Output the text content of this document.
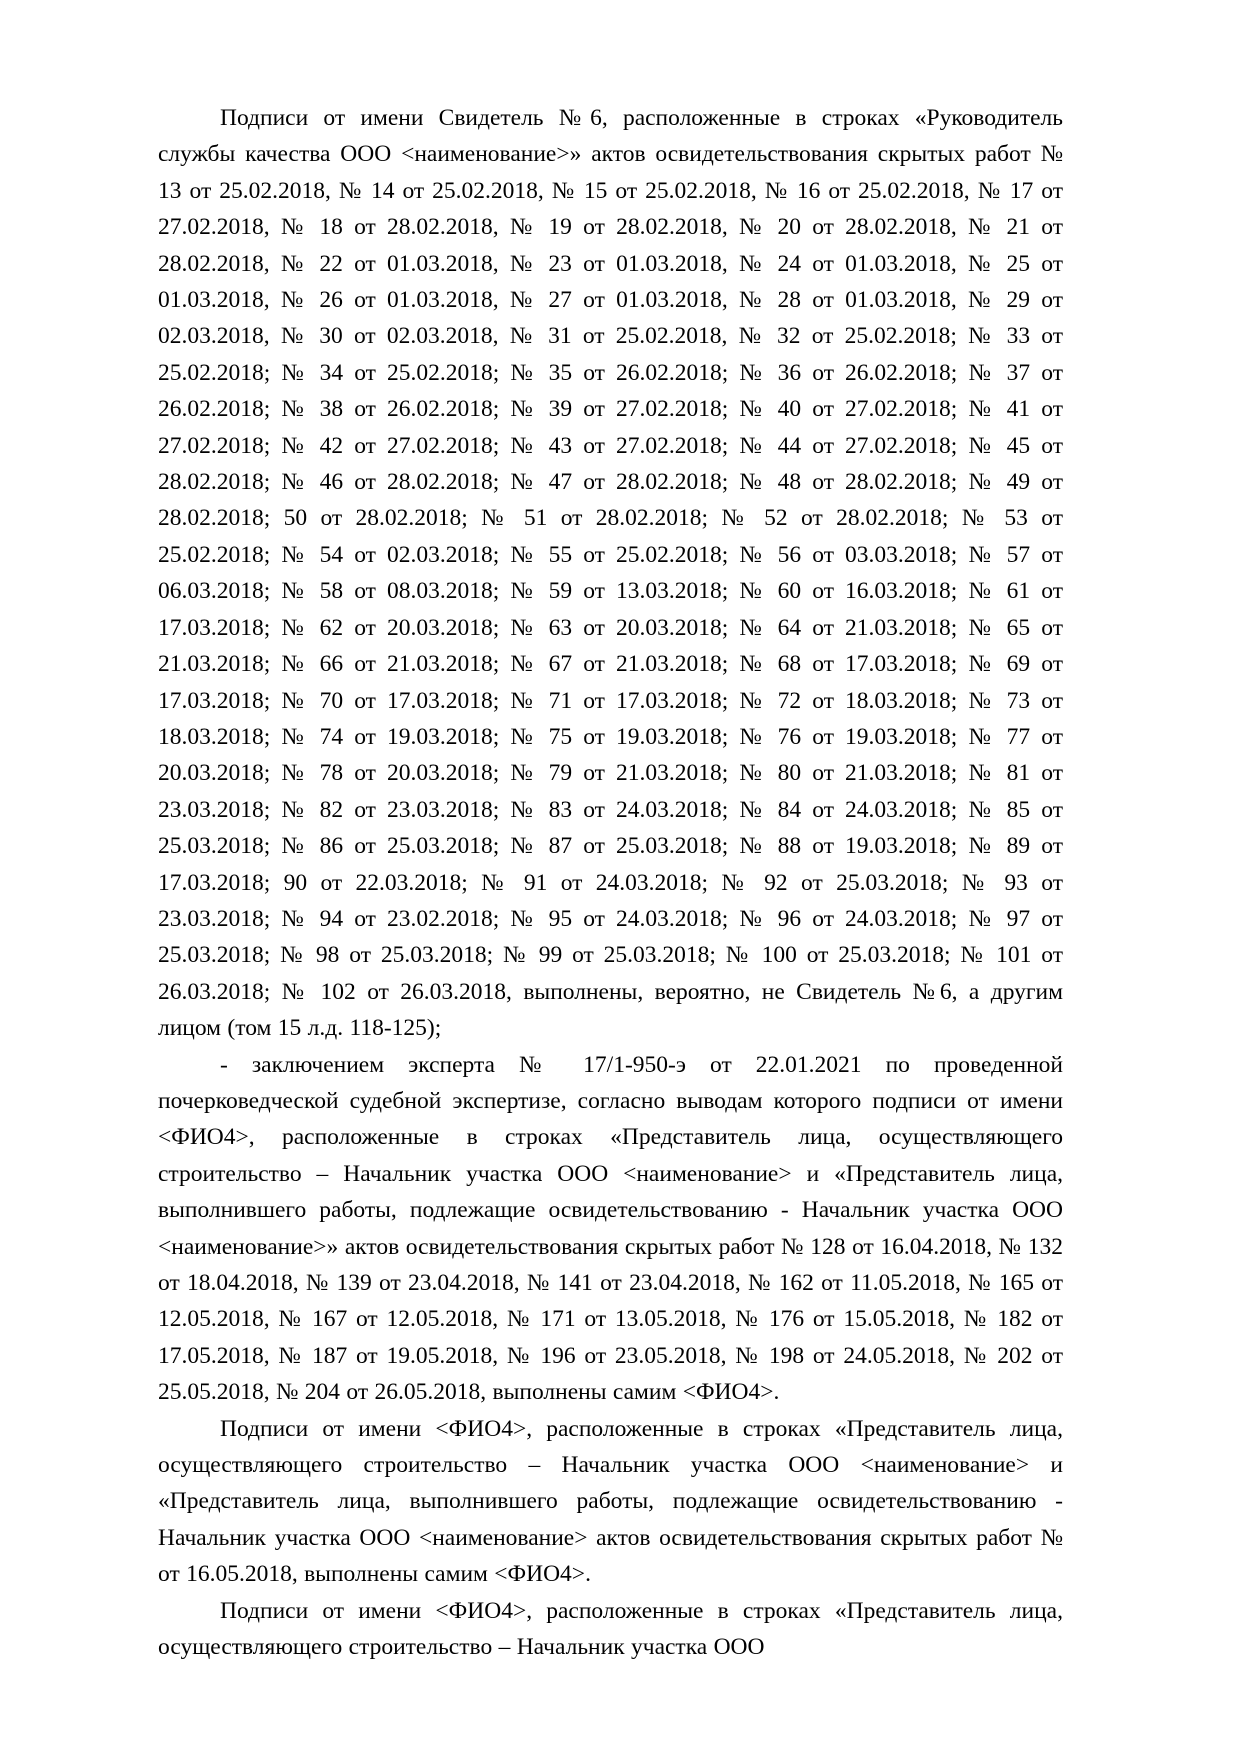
Подписи от имени Свидетель №6, расположенные в строках «Руководитель службы качества ООО <наименование>» актов освидетельствования скрытых работ № 13 от 25.02.2018, № 14 от 25.02.2018, № 15 от 25.02.2018, № 16 от 25.02.2018, № 17 от 27.02.2018, № 18 от 28.02.2018, № 19 от 28.02.2018, № 20 от 28.02.2018, № 21 от 28.02.2018, № 22 от 01.03.2018, № 23 от 01.03.2018, № 24 от 01.03.2018, № 25 от 01.03.2018, № 26 от 01.03.2018, № 27 от 01.03.2018, № 28 от 01.03.2018, № 29 от 02.03.2018, № 30 от 02.03.2018, № 31 от 25.02.2018, № 32 от 25.02.2018; № 33 от 25.02.2018; № 34 от 25.02.2018; № 35 от 26.02.2018; № 36 от 26.02.2018; № 37 от 26.02.2018; № 38 от 26.02.2018; № 39 от 27.02.2018; № 40 от 27.02.2018; № 41 от 27.02.2018; № 42 от 27.02.2018; № 43 от 27.02.2018; № 44 от 27.02.2018; № 45 от 28.02.2018; № 46 от 28.02.2018; № 47 от 28.02.2018; № 48 от 28.02.2018; № 49 от 28.02.2018; 50 от 28.02.2018; № 51 от 28.02.2018; № 52 от 28.02.2018; № 53 от 25.02.2018; № 54 от 02.03.2018; № 55 от 25.02.2018; № 56 от 03.03.2018; № 57 от 06.03.2018; № 58 от 08.03.2018; № 59 от 13.03.2018; № 60 от 16.03.2018; № 61 от 17.03.2018; № 62 от 20.03.2018; № 63 от 20.03.2018; № 64 от 21.03.2018; № 65 от 21.03.2018; № 66 от 21.03.2018; № 67 от 21.03.2018; № 68 от 17.03.2018; № 69 от 17.03.2018; № 70 от 17.03.2018; № 71 от 17.03.2018; № 72 от 18.03.2018; № 73 от 18.03.2018; № 74 от 19.03.2018; № 75 от 19.03.2018; № 76 от 19.03.2018; № 77 от 20.03.2018; № 78 от 20.03.2018; № 79 от 21.03.2018; № 80 от 21.03.2018; № 81 от 23.03.2018; № 82 от 23.03.2018; № 83 от 24.03.2018; № 84 от 24.03.2018; № 85 от 25.03.2018; № 86 от 25.03.2018; № 87 от 25.03.2018; № 88 от 19.03.2018; № 89 от 17.03.2018; 90 от 22.03.2018; № 91 от 24.03.2018; № 92 от 25.03.2018; № 93 от 23.03.2018; № 94 от 23.02.2018; № 95 от 24.03.2018; № 96 от 24.03.2018; № 97 от 25.03.2018; № 98 от 25.03.2018; № 99 от 25.03.2018; № 100 от 25.03.2018; № 101 от 26.03.2018; № 102 от 26.03.2018, выполнены, вероятно, не Свидетель №6, а другим лицом (том 15 л.д. 118-125);

- заключением эксперта № 17/1-950-э от 22.01.2021 по проведенной почерковедческой судебной экспертизе, согласно выводам которого подписи от имени <ФИО4>, расположенные в строках «Представитель лица, осуществляющего строительство – Начальник участка ООО <наименование> и «Представитель лица, выполнившего работы, подлежащие освидетельствованию - Начальник участка ООО <наименование>» актов освидетельствования скрытых работ № 128 от 16.04.2018, № 132 от 18.04.2018, № 139 от 23.04.2018, № 141 от 23.04.2018, № 162 от 11.05.2018, № 165 от 12.05.2018, № 167 от 12.05.2018, № 171 от 13.05.2018, № 176 от 15.05.2018, № 182 от 17.05.2018, № 187 от 19.05.2018, № 196 от 23.05.2018, № 198 от 24.05.2018, № 202 от 25.05.2018, № 204 от 26.05.2018, выполнены самим <ФИО4>.

Подписи от имени <ФИО4>, расположенные в строках «Представитель лица, осуществляющего строительство – Начальник участка ООО <наименование> и «Представитель лица, выполнившего работы, подлежащие освидетельствованию - Начальник участка ООО <наименование> актов освидетельствования скрытых работ № от 16.05.2018, выполнены самим <ФИО4>.

Подписи от имени <ФИО4>, расположенные в строках «Представитель лица, осуществляющего строительство – Начальник участка ООО
